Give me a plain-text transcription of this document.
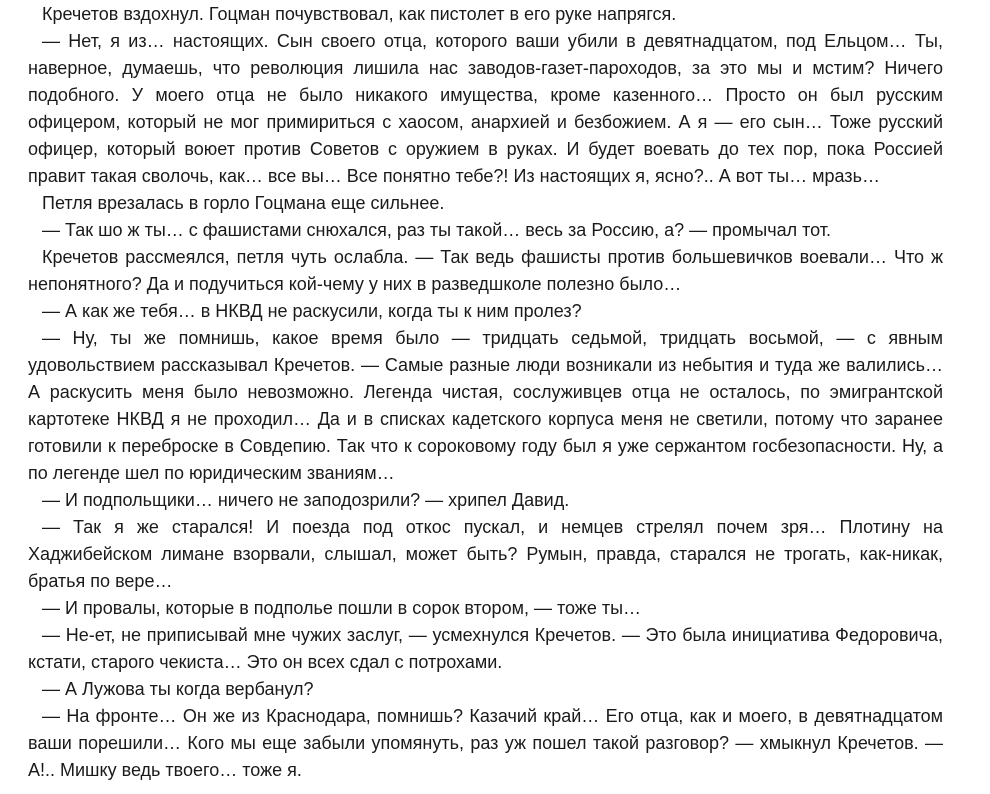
Кречетов вздохнул. Гоцман почувствовал, как пистолет в его руке напрягся.

— Нет, я из… настоящих. Сын своего отца, которого ваши убили в девятнадцатом, под Ельцом… Ты, наверное, думаешь, что революция лишила нас заводов-газет-пароходов, за это мы и мстим? Ничего подобного. У моего отца не было никакого имущества, кроме казенного… Просто он был русским офицером, который не мог примириться с хаосом, анархией и безбожием. А я — его сын… Тоже русский офицер, который воюет против Советов с оружием в руках. И будет воевать до тех пор, пока Россией правит такая сволочь, как… все вы… Все понятно тебе?! Из настоящих я, ясно?.. А вот ты… мразь…

Петля врезалась в горло Гоцмана еще сильнее.

— Так шо ж ты… с фашистами снюхался, раз ты такой… весь за Россию, а? — промычал тот.

Кречетов рассмеялся, петля чуть ослабла. — Так ведь фашисты против большевичков воевали… Что ж непонятного? Да и подучиться кой-чему у них в разведшколе полезно было…

— А как же тебя… в НКВД не раскусили, когда ты к ним пролез?

— Ну, ты же помнишь, какое время было — тридцать седьмой, тридцать восьмой, — с явным удовольствием рассказывал Кречетов. — Самые разные люди возникали из небытия и туда же валились… А раскусить меня было невозможно. Легенда чистая, сослуживцев отца не осталось, по эмигрантской картотеке НКВД я не проходил… Да и в списках кадетского корпуса меня не светили, потому что заранее готовили к переброске в Совдепию. Так что к сороковому году был я уже сержантом госбезопасности. Ну, а по легенде шел по юридическим званиям…

— И подпольщики… ничего не заподозрили? — хрипел Давид.

— Так я же старался! И поезда под откос пускал, и немцев стрелял почем зря… Плотину на Хаджибейском лимане взорвали, слышал, может быть? Румын, правда, старался не трогать, как-никак, братья по вере…

— И провалы, которые в подполье пошли в сорок втором, — тоже ты…

— Не-ет, не приписывай мне чужих заслуг, — усмехнулся Кречетов. — Это была инициатива Федоровича, кстати, старого чекиста… Это он всех сдал с потрохами.

— А Лужова ты когда вербанул?

— На фронте… Он же из Краснодара, помнишь? Казачий край… Его отца, как и моего, в девятнадцатом ваши порешили… Кого мы еще забыли упомянуть, раз уж пошел такой разговор? — хмыкнул Кречетов. — А!.. Мишку ведь твоего… тоже я.
